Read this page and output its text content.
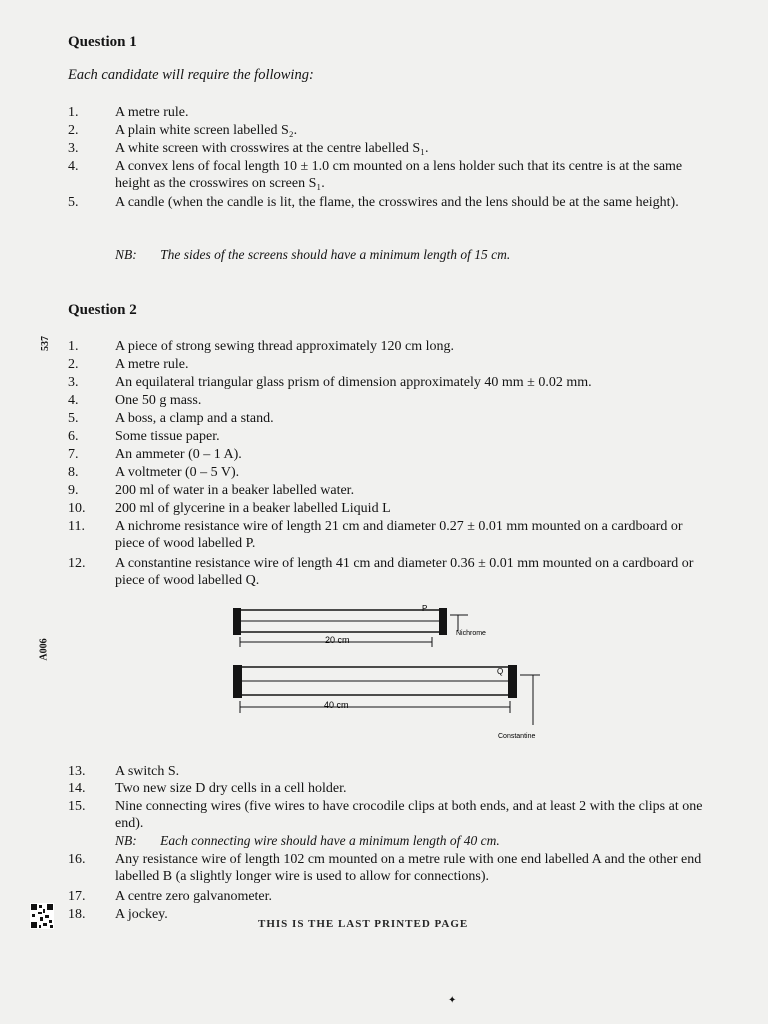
Question 1
Each candidate will require the following:
1.	A metre rule.
2.	A plain white screen labelled S₂.
3.	A white screen with crosswires at the centre labelled S₁.
4.	A convex lens of focal length 10 ± 1.0 cm mounted on a lens holder such that its centre is at the same height as the crosswires on screen S₁.
5.	A candle (when the candle is lit, the flame, the crosswires and the lens should be at the same height).
NB: The sides of the screens should have a minimum length of 15 cm.
Question 2
1.	A piece of strong sewing thread approximately 120 cm long.
2.	A metre rule.
3.	An equilateral triangular glass prism of dimension approximately 40 mm ± 0.02 mm.
4.	One 50 g mass.
5.	A boss, a clamp and a stand.
6.	Some tissue paper.
7.	An ammeter (0 – 1 A).
8.	A voltmeter (0 – 5 V).
9.	200 ml of water in a beaker labelled water.
10. 200 ml of glycerine in a beaker labelled Liquid L
11. A nichrome resistance wire of length 21 cm and diameter 0.27 ± 0.01 mm mounted on a cardboard or piece of wood labelled P.
12. A constantine resistance wire of length 41 cm and diameter 0.36 ± 0.01 mm mounted on a cardboard or piece of wood labelled Q.
P
20 cm
Nichrome
Q
40 cm
Constantine
13. A switch S.
14. Two new size D dry cells in a cell holder.
15. Nine connecting wires (five wires to have crocodile clips at both ends, and at least 2 with the clips at one end).
NB: Each connecting wire should have a minimum length of 40 cm.
16. Any resistance wire of length 102 cm mounted on a metre rule with one end labelled A and the other end labelled B (a slightly longer wire is used to allow for connections).
17. A centre zero galvanometer.
18. A jockey.
537
A006
THIS IS THE LAST PRINTED PAGE
✦
